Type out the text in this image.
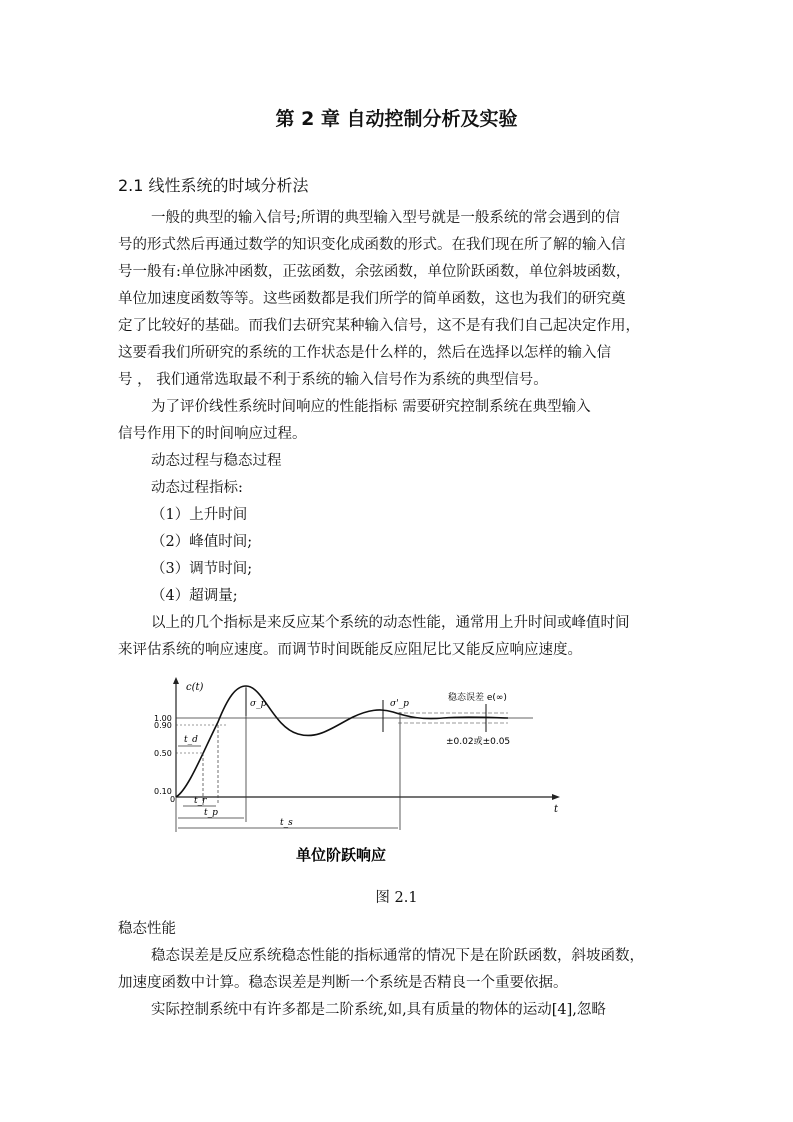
第 2 章 自动控制分析及实验
2.1 线性系统的时域分析法
一般的典型的输入信号;所谓的典型输入型号就是一般系统的常会遇到的信
号的形式然后再通过数学的知识变化成函数的形式。在我们现在所了解的输入信
号一般有:单位脉冲函数，正弦函数，余弦函数，单位阶跃函数，单位斜坡函数，
单位加速度函数等等。这些函数都是我们所学的简单函数，这也为我们的研究奠
定了比较好的基础。而我们去研究某种输入信号，这不是有我们自己起决定作用，
这要看我们所研究的系统的工作状态是什么样的，然后在选择以怎样的输入信
号 ， 我们通常选取最不利于系统的输入信号作为系统的典型信号。
为了评价线性系统时间响应的性能指标 需要研究控制系统在典型输入
信号作用下的时间响应过程。
动态过程与稳态过程
动态过程指标:
（1）上升时间
（2）峰值时间;
（3）调节时间;
（4）超调量;
以上的几个指标是来反应某个系统的动态性能，通常用上升时间或峰值时间
来评估系统的响应速度。而调节时间既能反应阻尼比又能反应响应速度。
c(t)
t
1.00
0.90
0.50
0.10
0
t_d
t_r
t_p
t_s
σ_p	σ'_p
稳态误差 e(∞)
±0.02或±0.05
单位阶跃响应
图 2.1
稳态性能
稳态误差是反应系统稳态性能的指标通常的情况下是在阶跃函数，斜坡函数，
加速度函数中计算。稳态误差是判断一个系统是否精良一个重要依据。
实际控制系统中有许多都是二阶系统,如,具有质量的物体的运动[4],忽略
